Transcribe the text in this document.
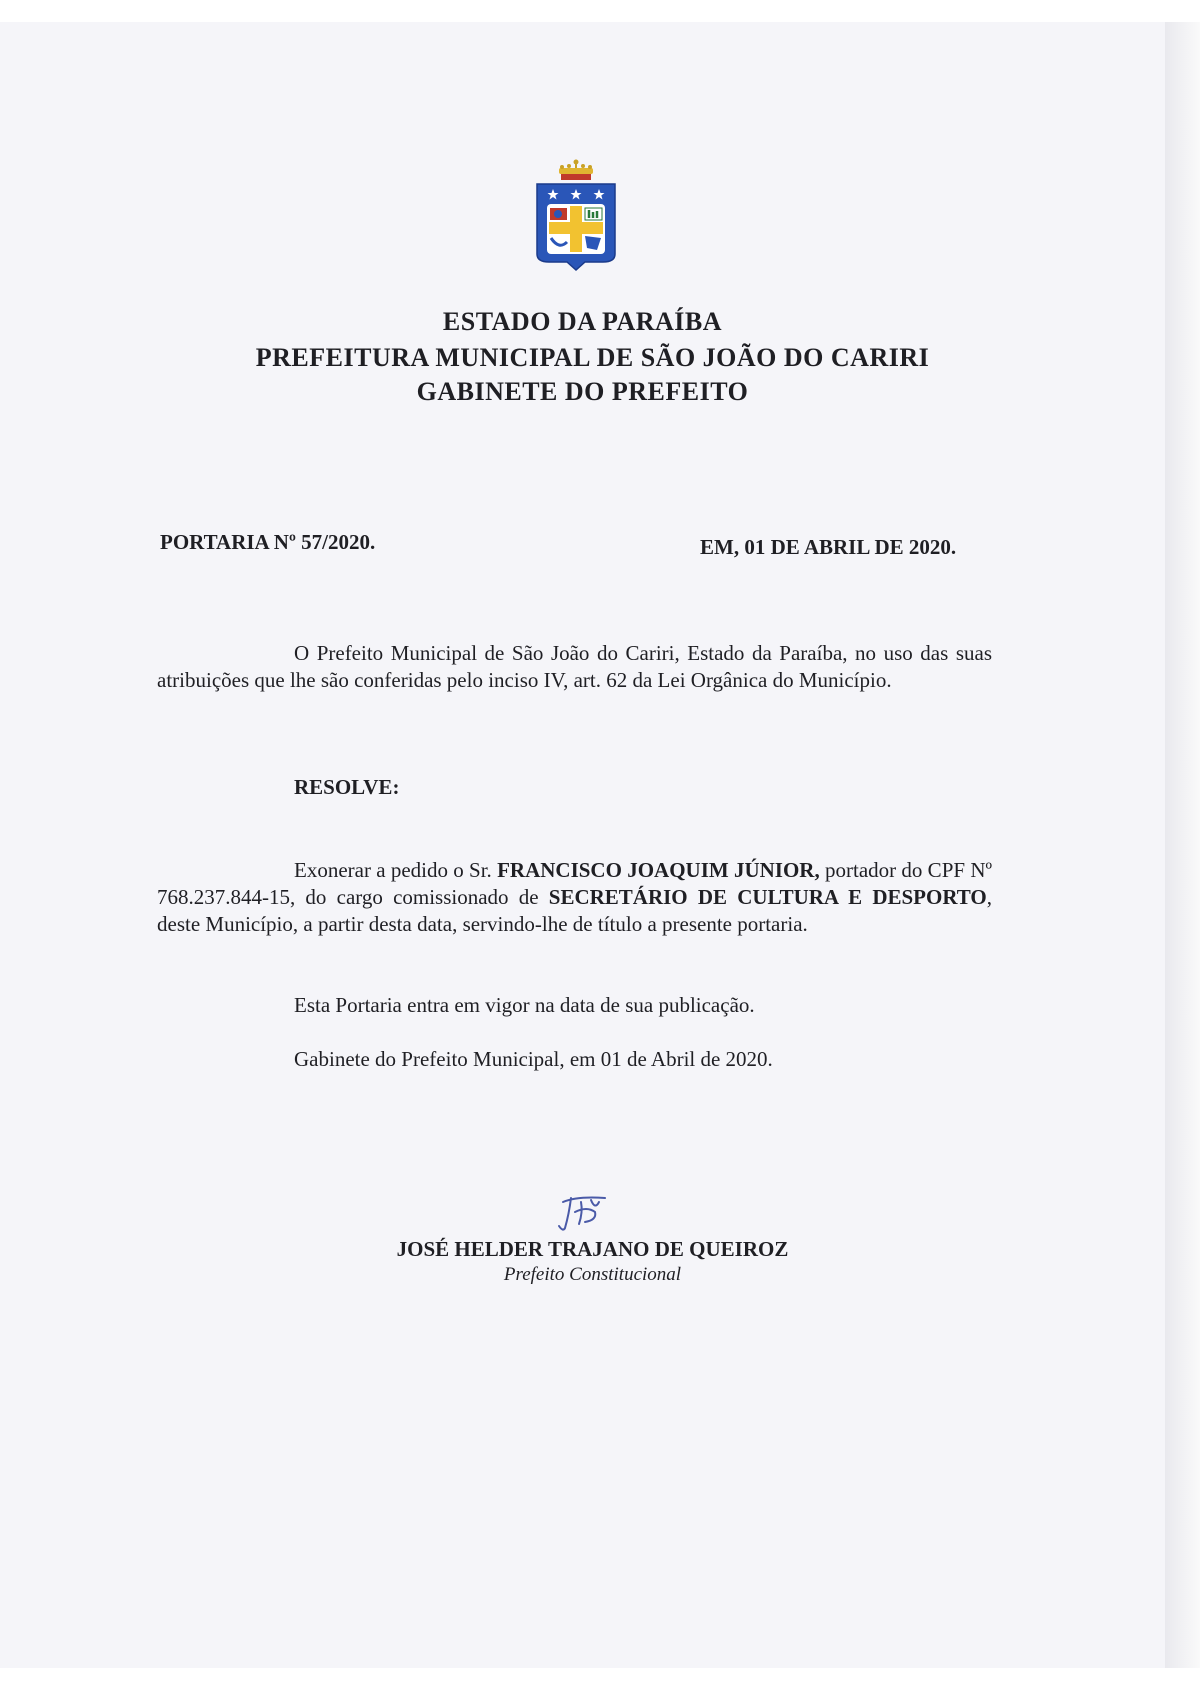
ESTADO DA PARAÍBA
PREFEITURA MUNICIPAL DE SÃO JOÃO DO CARIRI
GABINETE DO PREFEITO
PORTARIA Nº 57/2020.	EM, 01 DE ABRIL DE 2020.
O Prefeito Municipal de São João do Cariri, Estado da Paraíba, no uso das suas atribuições que lhe são conferidas pelo inciso IV, art. 62 da Lei Orgânica do Município.
RESOLVE:
Exonerar a pedido o Sr. FRANCISCO JOAQUIM JÚNIOR, portador do CPF Nº 768.237.844-15, do cargo comissionado de SECRETÁRIO DE CULTURA E DESPORTO, deste Município, a partir desta data, servindo-lhe de título a presente portaria.
Esta Portaria entra em vigor na data de sua publicação.
Gabinete do Prefeito Municipal, em 01 de Abril de 2020.
JOSÉ HELDER TRAJANO DE QUEIROZ
Prefeito Constitucional
